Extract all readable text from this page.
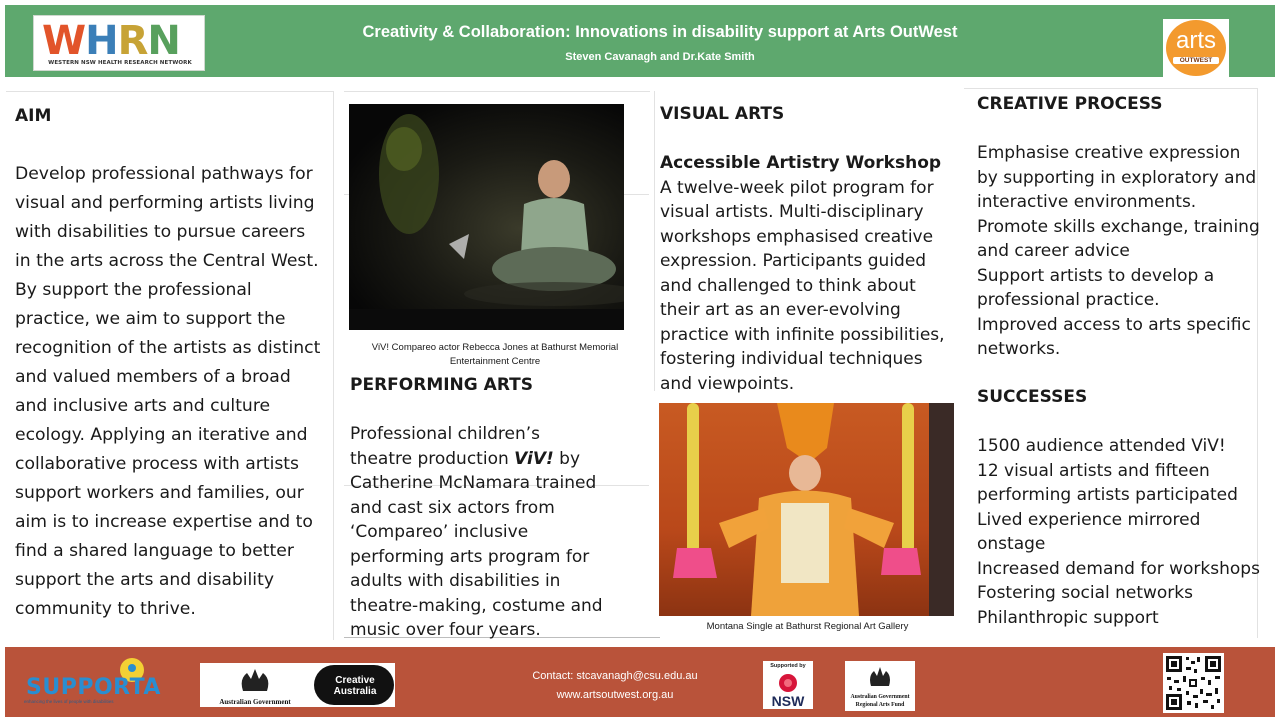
WHRN
WESTERN NSW HEALTH RESEARCH NETWORK
Creativity & Collaboration: Innovations in disability support at Arts OutWest
Steven Cavanagh and Dr.Kate Smith
arts
OUTWEST
AIM
Develop professional pathways for
visual and performing artists living
with disabilities to pursue careers
in the arts across the Central West.
By support the professional
practice, we aim to support the
recognition of the artists as distinct
and valued members of a broad
and inclusive arts and culture
ecology. Applying an iterative and
collaborative process with artists
support workers and families, our
aim is to increase expertise and to
find a shared language to better
support the arts and disability
community to thrive.
ViV! Compareo actor Rebecca Jones at Bathurst Memorial
Entertainment Centre
PERFORMING ARTS
Professional children’s
theatre production ViV! by
Catherine McNamara trained
and cast six actors from
‘Compareo’ inclusive
performing arts program for
adults with disabilities in
theatre-making, costume and
music over four years.
VISUAL ARTS
Accessible Artistry Workshop
A twelve-week pilot program for
visual artists. Multi-disciplinary
workshops emphasised creative
expression. Participants guided
and challenged to think about
their art as an ever-evolving
practice with infinite possibilities,
fostering individual techniques
and viewpoints.
Montana Single at Bathurst Regional Art Gallery
CREATIVE PROCESS
Emphasise creative expression
by supporting in exploratory and
interactive environments.
Promote skills exchange, training
and career advice
Support artists to develop a
professional practice.
Improved access to arts specific
networks.
SUCCESSES
1500 audience attended ViV!
12 visual artists and fifteen
performing artists participated
Lived experience mirrored
onstage
Increased demand for workshops
Fostering social networks
Philanthropic support
SUPPORTA
enhancing the lives of people with disabilities	Australian Government
Creative
Australia
Contact: stcavanagh@csu.edu.au
www.artsoutwest.org.au
Supported by
NSW	Australian Government
Regional Arts Fund
